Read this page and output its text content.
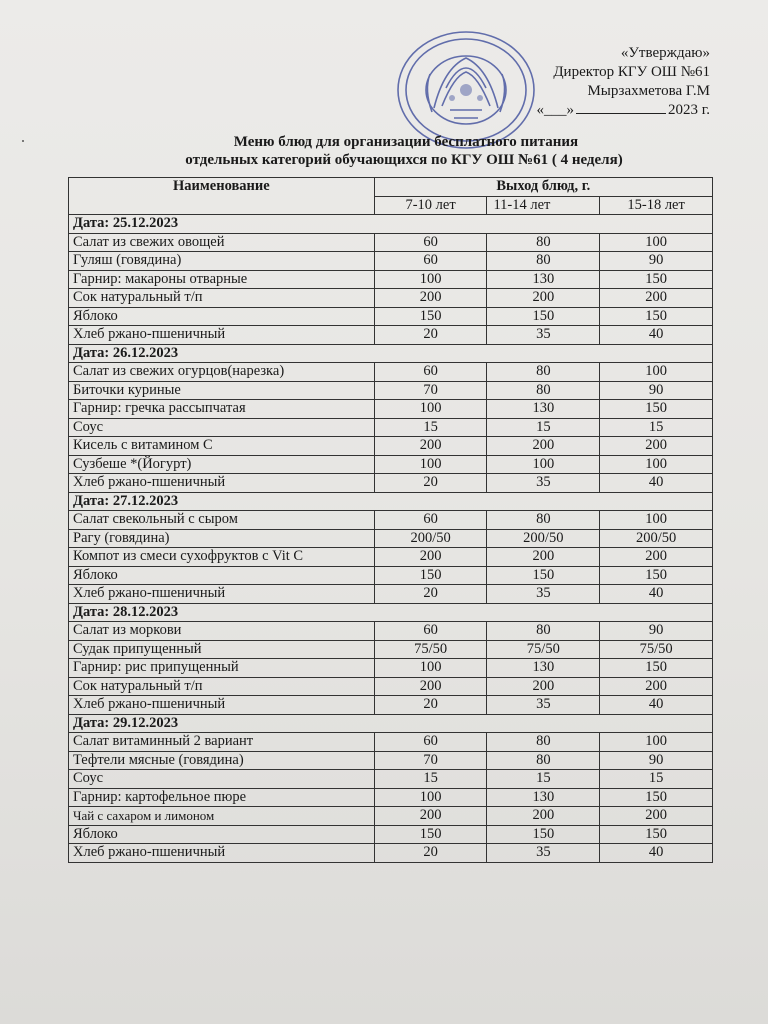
«Утверждаю»
Директор КГУ ОШ №61
Мырзахметова Г.М
«___»	2023 г.
Меню блюд для организации бесплатного питания
отдельных категорий обучающихся по КГУ ОШ №61 ( 4 неделя)
Наименование	Выход блюд, г.		
	7-10 лет	11-14 лет	15-18 лет
Дата: 25.12.2023			
Салат из свежих овощей	60	80	100
Гуляш (говядина)	60	80	90
Гарнир: макароны отварные	100	130	150
Сок натуральный т/п	200	200	200
Яблоко	150	150	150
Хлеб ржано-пшеничный	20	35	40
Дата: 26.12.2023			
Салат из свежих огурцов(нарезка)	60	80	100
Биточки куриные	70	80	90
Гарнир: гречка рассыпчатая	100	130	150
Соус	15	15	15
Кисель с витамином С	200	200	200
Сузбеше *(Йогурт)	100	100	100
Хлеб ржано-пшеничный	20	35	40
Дата: 27.12.2023			
Салат свекольный с сыром	60	80	100
Рагу (говядина)	200/50	200/50	200/50
Компот из смеси сухофруктов с Vit C	200	200	200
Яблоко	150	150	150
Хлеб ржано-пшеничный	20	35	40
Дата: 28.12.2023			
Салат из моркови	60	80	90
Судак припущенный	75/50	75/50	75/50
Гарнир: рис припущенный	100	130	150
Сок натуральный т/п	200	200	200
Хлеб ржано-пшеничный	20	35	40
Дата: 29.12.2023			
Салат витаминный 2 вариант	60	80	100
Тефтели мясные (говядина)	70	80	90
Соус	15	15	15
Гарнир: картофельное пюре	100	130	150
Чай с сахаром и лимоном	200	200	200
Яблоко	150	150	150
Хлеб ржано-пшеничный	20	35	40
